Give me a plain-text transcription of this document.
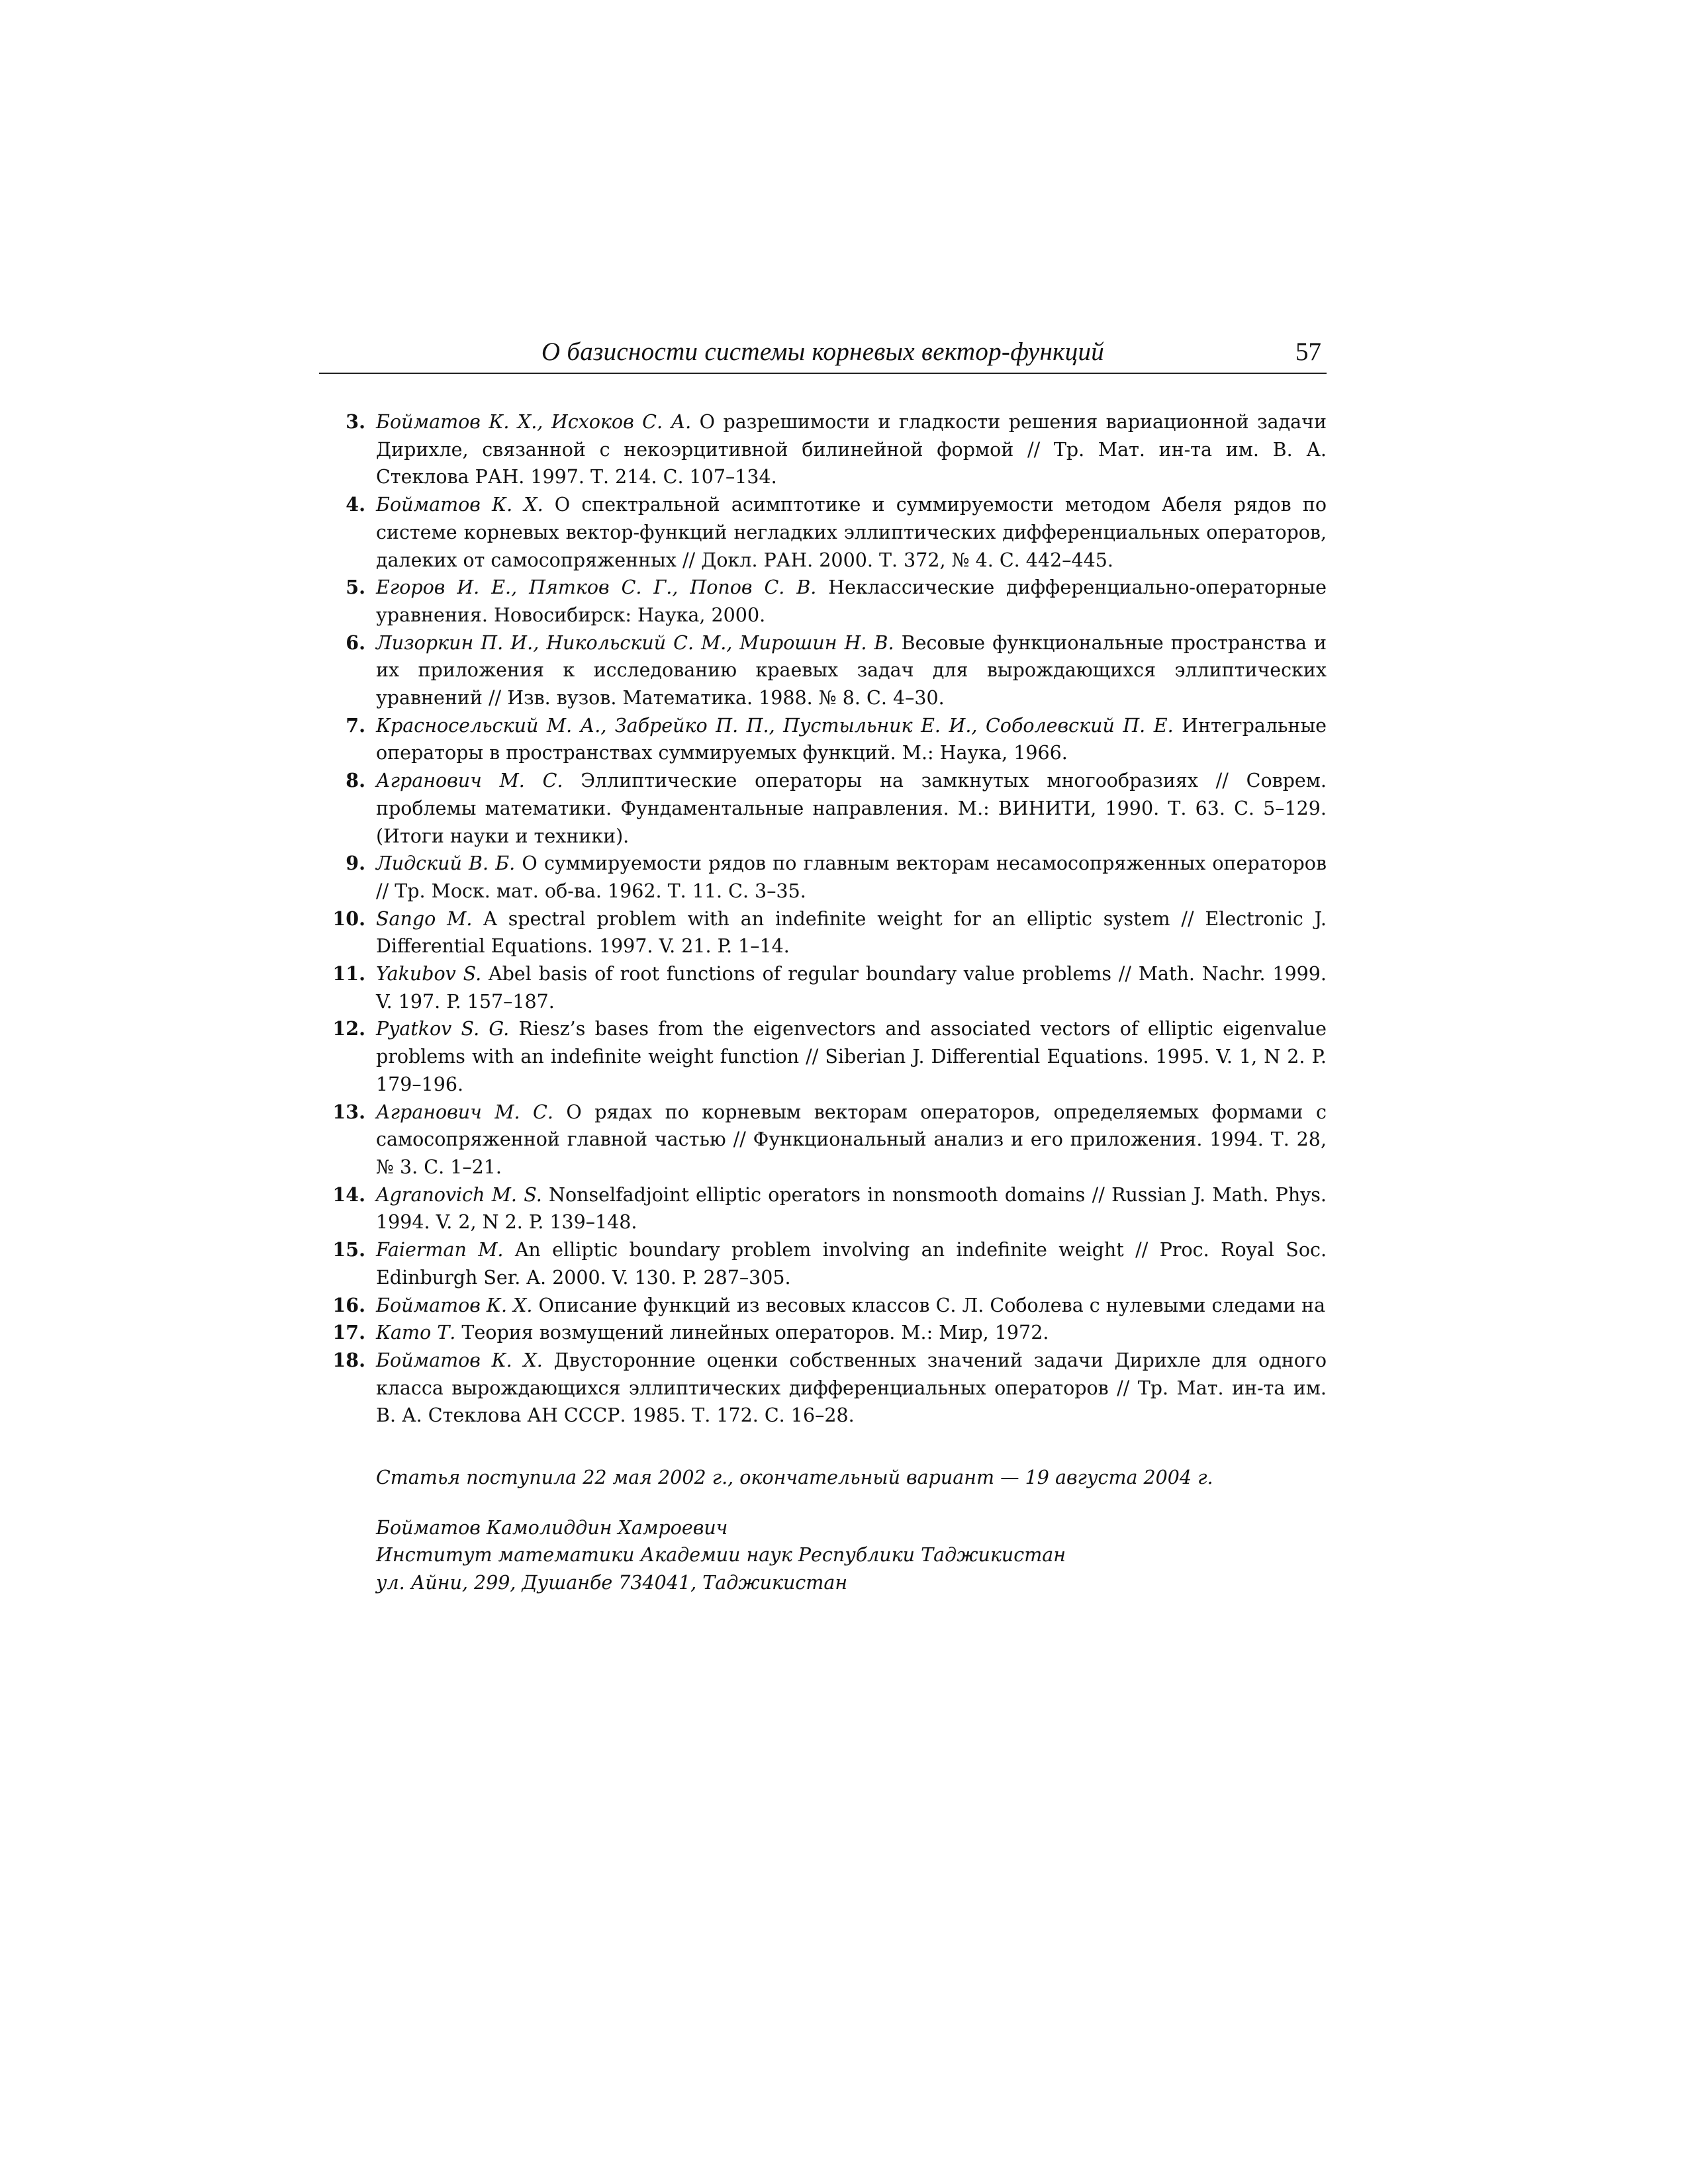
О базисности системы корневых вектор-функций	57
3. Бойматов К. Х., Исхоков С. А. О разрешимости и гладкости решения вариационной задачи Дирихле, связанной с некоэрцитивной билинейной формой // Тр. Мат. ин-та им. В. А. Стеклова РАН. 1997. Т. 214. С. 107–134.
4. Бойматов К. Х. О спектральной асимптотике и суммируемости методом Абеля рядов по системе корневых вектор-функций негладких эллиптических дифференциальных операторов, далеких от самосопряженных // Докл. РАН. 2000. Т. 372, № 4. С. 442–445.
5. Егоров И. Е., Пятков С. Г., Попов С. В. Неклассические дифференциально-операторные уравнения. Новосибирск: Наука, 2000.
6. Лизоркин П. И., Никольский С. М., Мирошин Н. В. Весовые функциональные пространства и их приложения к исследованию краевых задач для вырождающихся эллиптических уравнений // Изв. вузов. Математика. 1988. № 8. С. 4–30.
7. Красносельский М. А., Забрейко П. П., Пустыльник Е. И., Соболевский П. Е. Интегральные операторы в пространствах суммируемых функций. М.: Наука, 1966.
8. Агранович М. С. Эллиптические операторы на замкнутых многообразиях // Соврем. проблемы математики. Фундаментальные направления. М.: ВИНИТИ, 1990. Т. 63. С. 5–129. (Итоги науки и техники).
9. Лидский В. Б. О суммируемости рядов по главным векторам несамосопряженных операторов // Тр. Моск. мат. об-ва. 1962. Т. 11. С. 3–35.
10. Sango M. A spectral problem with an indefinite weight for an elliptic system // Electronic J. Differential Equations. 1997. V. 21. P. 1–14.
11. Yakubov S. Abel basis of root functions of regular boundary value problems // Math. Nachr. 1999. V. 197. P. 157–187.
12. Pyatkov S. G. Riesz’s bases from the eigenvectors and associated vectors of elliptic eigenvalue problems with an indefinite weight function // Siberian J. Differential Equations. 1995. V. 1, N 2. P. 179–196.
13. Агранович М. С. О рядах по корневым векторам операторов, определяемых формами с самосопряженной главной частью // Функциональный анализ и его приложения. 1994. Т. 28, № 3. С. 1–21.
14. Agranovich M. S. Nonselfadjoint elliptic operators in nonsmooth domains // Russian J. Math. Phys. 1994. V. 2, N 2. P. 139–148.
15. Faierman M. An elliptic boundary problem involving an indefinite weight // Proc. Royal Soc. Edinburgh Ser. A. 2000. V. 130. P. 287–305.
16. Бойматов К. Х. Описание функций из весовых классов С. Л. Соболева с нулевыми следами на
17. Като Т. Теория возмущений линейных операторов. М.: Мир, 1972.
18. Бойматов К. Х. Двусторонние оценки собственных значений задачи Дирихле для одного класса вырождающихся эллиптических дифференциальных операторов // Тр. Мат. ин-та им. В. А. Стеклова АН СССР. 1985. Т. 172. С. 16–28.
Статья поступила 22 мая 2002 г., окончательный вариант — 19 августа 2004 г.
Бойматов Камолиддин Хамроевич
Институт математики Академии наук Республики Таджикистан
ул. Айни, 299, Душанбе 734041, Таджикистан
